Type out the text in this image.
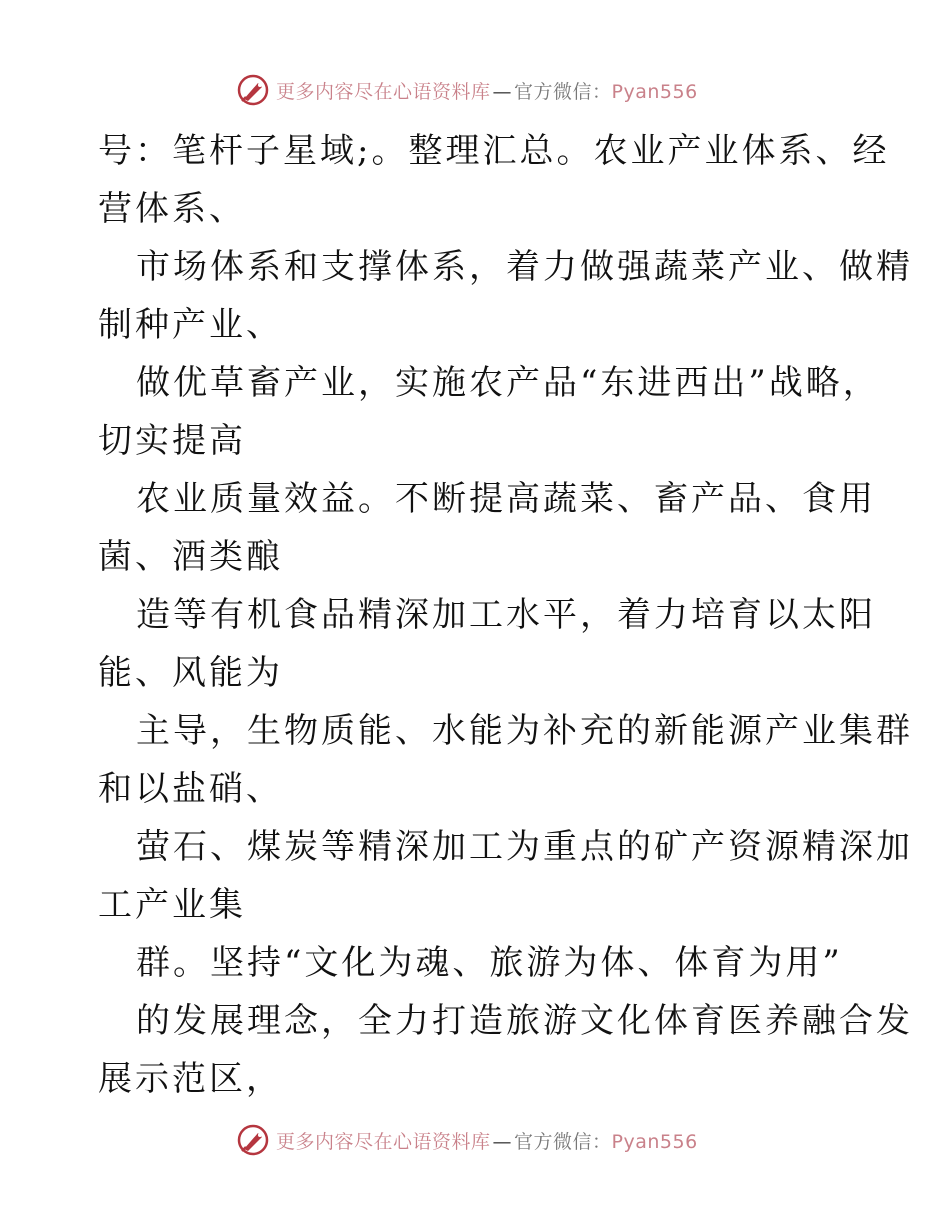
更多内容尽在心语资料库 — 官方微信：Pyan556
号：笔杆子星域;。整理汇总。农业产业体系、经
营体系、
市场体系和支撑体系，着力做强蔬菜产业、做精
制种产业、
做优草畜产业，实施农产品“东进西出”战略，
切实提高
农业质量效益。不断提高蔬菜、畜产品、食用
菌、酒类酿
造等有机食品精深加工水平，着力培育以太阳
能、风能为
主导，生物质能、水能为补充的新能源产业集群
和以盐硝、
萤石、煤炭等精深加工为重点的矿产资源精深加
工产业集
群。坚持“文化为魂、旅游为体、体育为用”
的发展理念，全力打造旅游文化体育医养融合发
展示范区，
更多内容尽在心语资料库 — 官方微信：Pyan556
